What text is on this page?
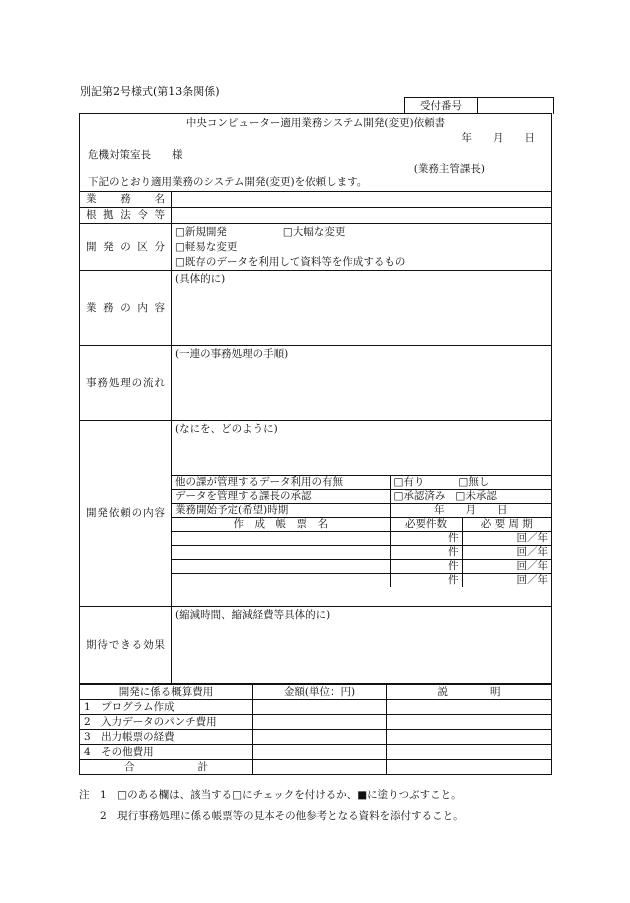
別記第2号様式(第13条関係)
受付番号
中央コンピューター適用業務システム開発(変更)依頼書
年　　月　　日
危機対策室長　　様
(業務主管課長)
下記のとおり適用業務のシステム開発(変更)を依頼します。

業務名	
根拠法令等	
開発の区分	
□新規開発	□大幅な変更
□軽易な変更
□既存のデータを利用して資料等を作成するもの

業務の内容	(具体的に)
事務処理の流れ	(一連の事務処理の手順)
開発依頼の内容	
(なにを、どのように)
他の課が管理するデータ利用の有無	□有り	□無し
データを管理する課長の承認	□承認済み □未承認
業務開始予定(希望)時期	年　　月　　日
作　成　帳　票　名	必要件数	必 要 周 期
	件	回／年
	件	回／年
	件	回／年
	件	回／年

期待できる効果	(縮減時間、縮減経費等具体的に)
開発に係る概算費用	金額(単位：円)	説　　　　明
1　プログラム作成		
2　入力データのパンチ費用		
3　出力帳票の経費		
4　その他費用		
合　　　　　　計		
注　1　□のある欄は、該当する□にチェックを付けるか、■に塗りつぶすこと。
2　現行事務処理に係る帳票等の見本その他参考となる資料を添付すること。
